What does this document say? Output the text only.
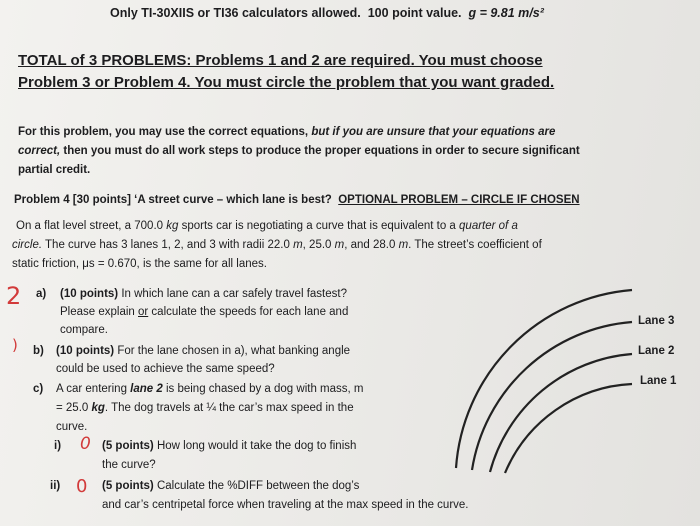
Only TI-30XIIS or TI36 calculators allowed. 100 point value. g = 9.81 m/s²
TOTAL of 3 PROBLEMS: Problems 1 and 2 are required. You must choose
Problem 3 or Problem 4. You must circle the problem that you want graded.
For this problem, you may use the correct equations, but if you are unsure that your equations are
correct, then you must do all work steps to produce the proper equations in order to secure significant
partial credit.
Problem 4 [30 points] ‘A street curve – which lane is best? OPTIONAL PROBLEM – CIRCLE IF CHOSEN
On a flat level street, a 700.0 kg sports car is negotiating a curve that is equivalent to a quarter of a
circle. The curve has 3 lanes 1, 2, and 3 with radii 22.0 m, 25.0 m, and 28.0 m. The street’s coefficient of
static friction, μs = 0.670, is the same for all lanes.
2
)
0
0
a) (10 points) In which lane can a car safely travel fastest?
Please explain or calculate the speeds for each lane and
compare.
b) (10 points) For the lane chosen in a), what banking angle
could be used to achieve the same speed?
c) A car entering lane 2 is being chased by a dog with mass, m
= 25.0 kg. The dog travels at ¼ the car’s max speed in the
curve.
i)	(5 points) How long would it take the dog to finish
the curve?
ii)	(5 points) Calculate the %DIFF between the dog’s
and car’s centripetal force when traveling at the max speed in the curve.
Lane 3
Lane 2
Lane 1
